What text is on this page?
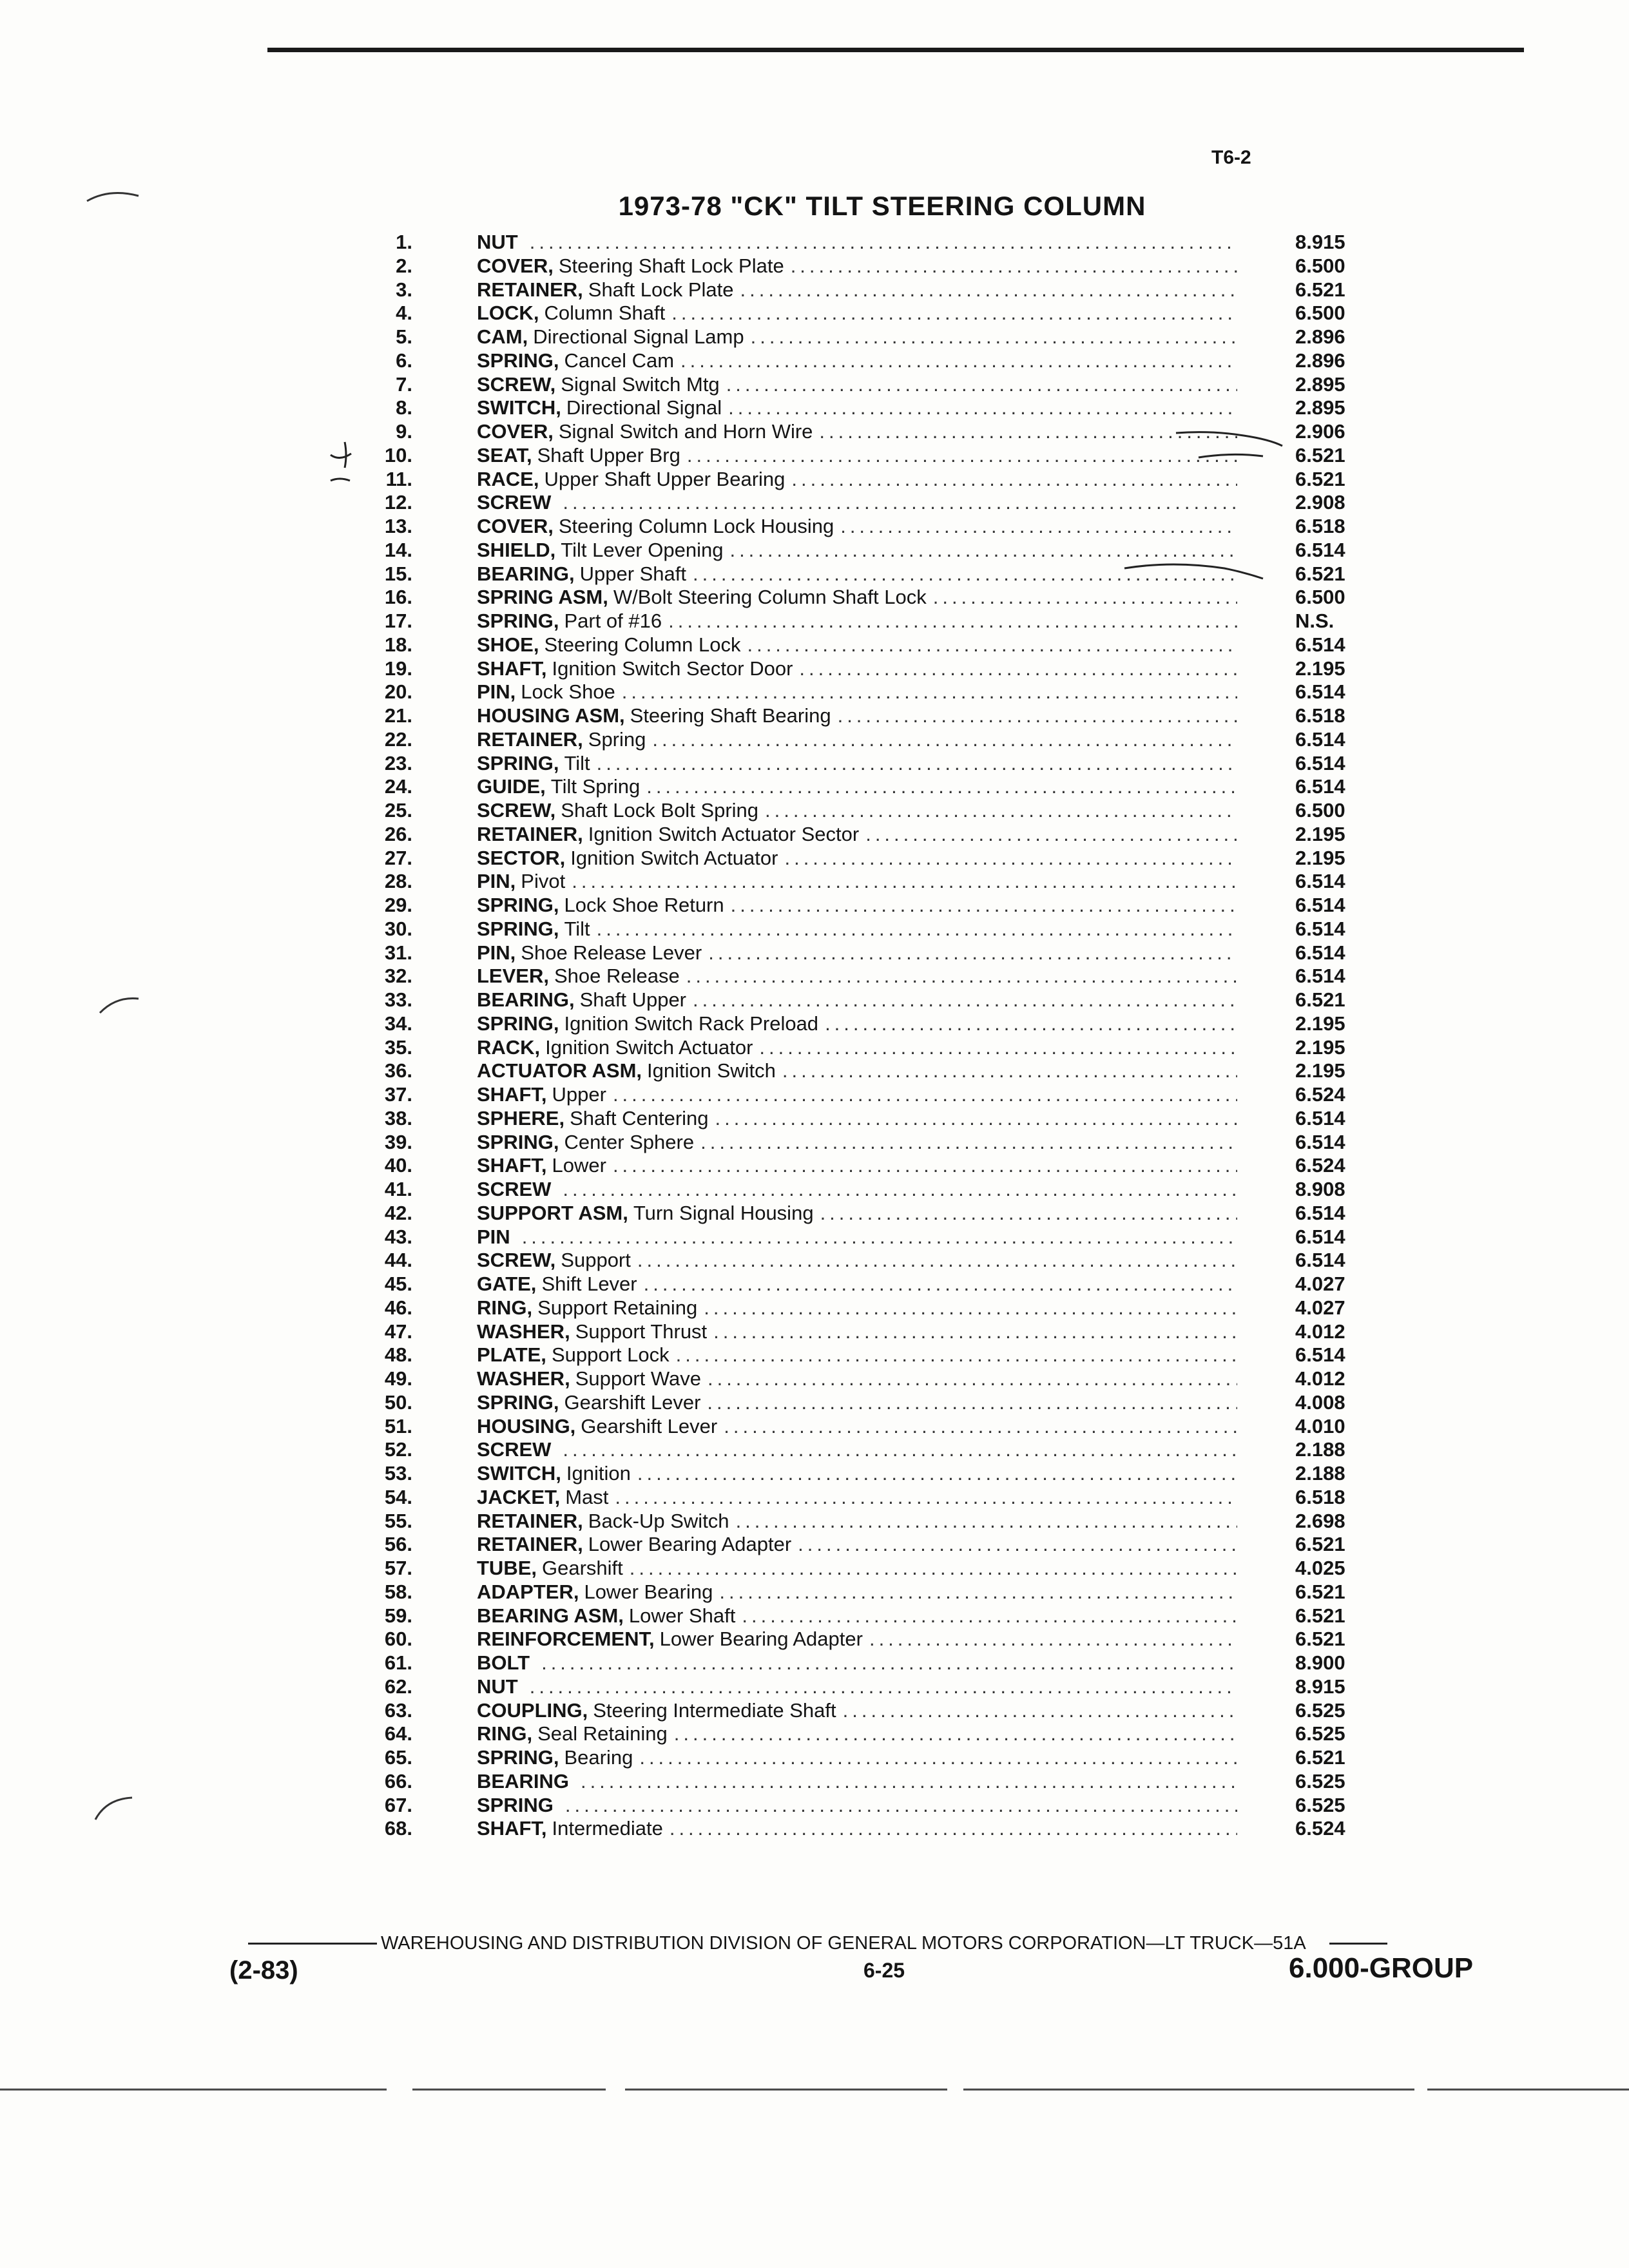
T6-2
1973-78 "CK" TILT STEERING COLUMN
1.	NUT .....	8.915
2.	COVER, Steering Shaft Lock Plate .....	6.500
3.	RETAINER, Shaft Lock Plate .....	6.521
4.	LOCK, Column Shaft .....	6.500
5.	CAM, Directional Signal Lamp .....	2.896
6.	SPRING, Cancel Cam .....	2.896
7.	SCREW, Signal Switch Mtg .....	2.895
8.	SWITCH, Directional Signal .....	2.895
9.	COVER, Signal Switch and Horn Wire .....	2.906
10.	SEAT, Shaft Upper Brg .....	6.521
11.	RACE, Upper Shaft Upper Bearing .....	6.521
12.	SCREW .....	2.908
13.	COVER, Steering Column Lock Housing .....	6.518
14.	SHIELD, Tilt Lever Opening .....	6.514
15.	BEARING, Upper Shaft .....	6.521
16.	SPRING ASM, W/Bolt Steering Column Shaft Lock .....	6.500
17.	SPRING, Part of #16 .....	N.S.
18.	SHOE, Steering Column Lock .....	6.514
19.	SHAFT, Ignition Switch Sector Door .....	2.195
20.	PIN, Lock Shoe .....	6.514
21.	HOUSING ASM, Steering Shaft Bearing .....	6.518
22.	RETAINER, Spring .....	6.514
23.	SPRING, Tilt .....	6.514
24.	GUIDE, Tilt Spring .....	6.514
25.	SCREW, Shaft Lock Bolt Spring .....	6.500
26.	RETAINER, Ignition Switch Actuator Sector .....	2.195
27.	SECTOR, Ignition Switch Actuator .....	2.195
28.	PIN, Pivot .....	6.514
29.	SPRING, Lock Shoe Return .....	6.514
30.	SPRING, Tilt .....	6.514
31.	PIN, Shoe Release Lever .....	6.514
32.	LEVER, Shoe Release .....	6.514
33.	BEARING, Shaft Upper .....	6.521
34.	SPRING, Ignition Switch Rack Preload .....	2.195
35.	RACK, Ignition Switch Actuator .....	2.195
36.	ACTUATOR ASM, Ignition Switch .....	2.195
37.	SHAFT, Upper .....	6.524
38.	SPHERE, Shaft Centering .....	6.514
39.	SPRING, Center Sphere .....	6.514
40.	SHAFT, Lower .....	6.524
41.	SCREW .....	8.908
42.	SUPPORT ASM, Turn Signal Housing .....	6.514
43.	PIN .....	6.514
44.	SCREW, Support .....	6.514
45.	GATE, Shift Lever .....	4.027
46.	RING, Support Retaining .....	4.027
47.	WASHER, Support Thrust .....	4.012
48.	PLATE, Support Lock .....	6.514
49.	WASHER, Support Wave .....	4.012
50.	SPRING, Gearshift Lever .....	4.008
51.	HOUSING, Gearshift Lever .....	4.010
52.	SCREW .....	2.188
53.	SWITCH, Ignition .....	2.188
54.	JACKET, Mast .....	6.518
55.	RETAINER, Back-Up Switch .....	2.698
56.	RETAINER, Lower Bearing Adapter .....	6.521
57.	TUBE, Gearshift .....	4.025
58.	ADAPTER, Lower Bearing .....	6.521
59.	BEARING ASM, Lower Shaft .....	6.521
60.	REINFORCEMENT, Lower Bearing Adapter .....	6.521
61.	BOLT .....	8.900
62.	NUT .....	8.915
63.	COUPLING, Steering Intermediate Shaft .....	6.525
64.	RING, Seal Retaining .....	6.525
65.	SPRING, Bearing .....	6.521
66.	BEARING .....	6.525
67.	SPRING .....	6.525
68.	SHAFT, Intermediate .....	6.524
WAREHOUSING AND DISTRIBUTION DIVISION OF GENERAL MOTORS CORPORATION—LT TRUCK—51A
(2-83)	6-25	6.000-GROUP
